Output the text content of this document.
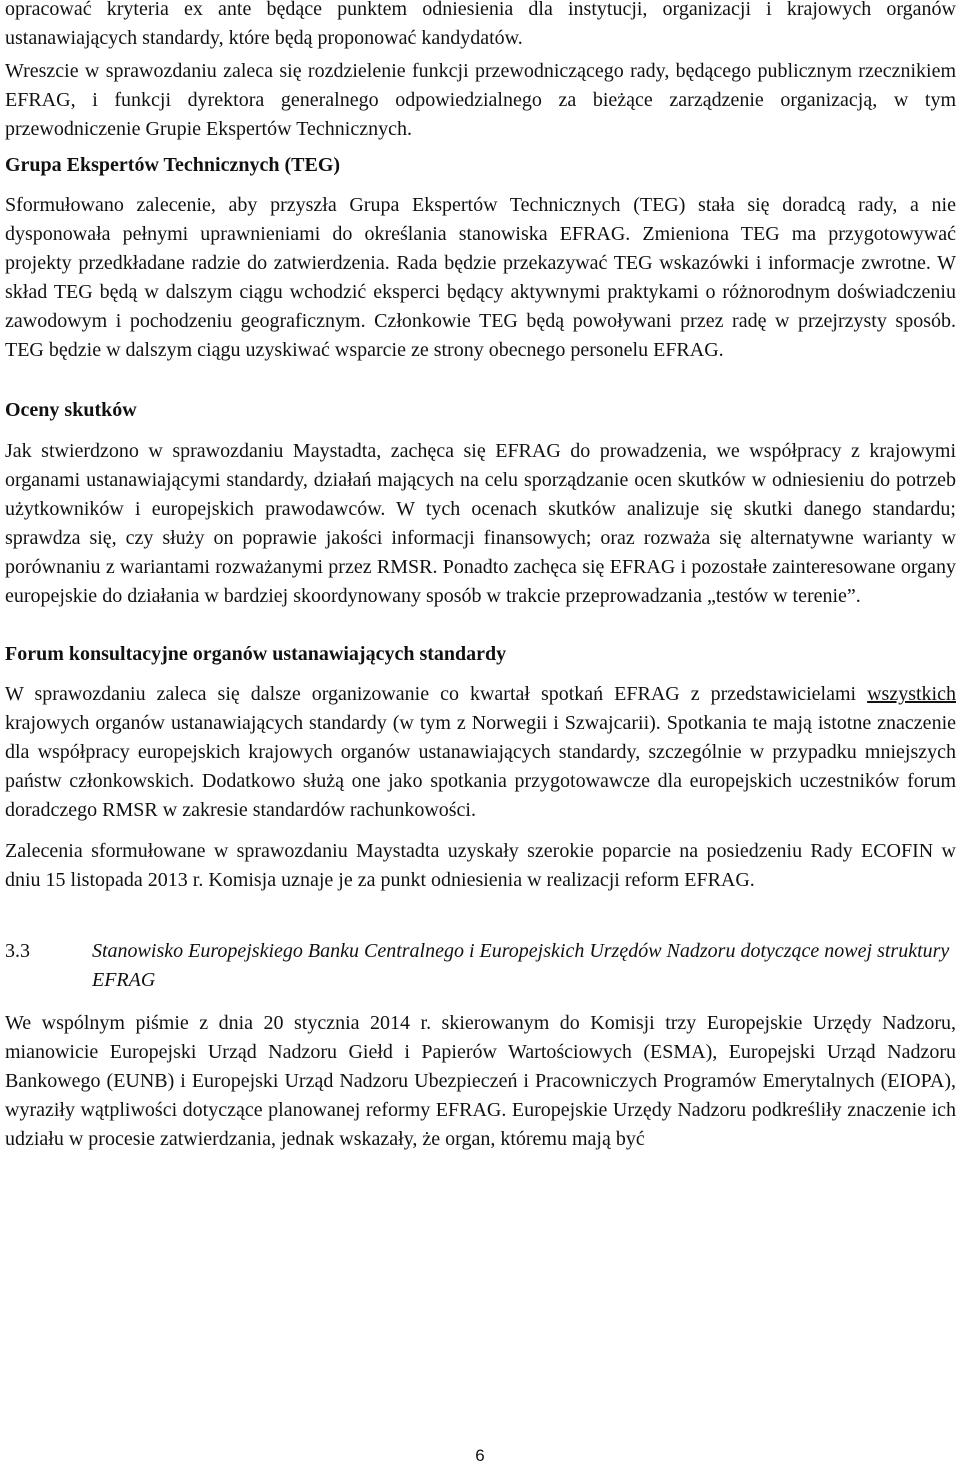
opracować kryteria ex ante będące punktem odniesienia dla instytucji, organizacji i krajowych organów ustanawiających standardy, które będą proponować kandydatów.

Wreszcie w sprawozdaniu zaleca się rozdzielenie funkcji przewodniczącego rady, będącego publicznym rzecznikiem EFRAG, i funkcji dyrektora generalnego odpowiedzialnego za bieżące zarządzenie organizacją, w tym przewodniczenie Grupie Ekspertów Technicznych.

Grupa Ekspertów Technicznych (TEG)

Sformułowano zalecenie, aby przyszła Grupa Ekspertów Technicznych (TEG) stała się doradcą rady, a nie dysponowała pełnymi uprawnieniami do określania stanowiska EFRAG. Zmieniona TEG ma przygotowywać projekty przedkładane radzie do zatwierdzenia. Rada będzie przekazywać TEG wskazówki i informacje zwrotne. W skład TEG będą w dalszym ciągu wchodzić eksperci będący aktywnymi praktykami o różnorodnym doświadczeniu zawodowym i pochodzeniu geograficznym. Członkowie TEG będą powoływani przez radę w przejrzysty sposób. TEG będzie w dalszym ciągu uzyskiwać wsparcie ze strony obecnego personelu EFRAG.

Oceny skutków

Jak stwierdzono w sprawozdaniu Maystadta, zachęca się EFRAG do prowadzenia, we współpracy z krajowymi organami ustanawiającymi standardy, działań mających na celu sporządzanie ocen skutków w odniesieniu do potrzeb użytkowników i europejskich prawodawców. W tych ocenach skutków analizuje się skutki danego standardu; sprawdza się, czy służy on poprawie jakości informacji finansowych; oraz rozważa się alternatywne warianty w porównaniu z wariantami rozważanymi przez RMSR. Ponadto zachęca się EFRAG i pozostałe zainteresowane organy europejskie do działania w bardziej skoordynowany sposób w trakcie przeprowadzania „testów w terenie”.

Forum konsultacyjne organów ustanawiających standardy

W sprawozdaniu zaleca się dalsze organizowanie co kwartał spotkań EFRAG z przedstawicielami wszystkich krajowych organów ustanawiających standardy (w tym z Norwegii i Szwajcarii). Spotkania te mają istotne znaczenie dla współpracy europejskich krajowych organów ustanawiających standardy, szczególnie w przypadku mniejszych państw członkowskich. Dodatkowo służą one jako spotkania przygotowawcze dla europejskich uczestników forum doradczego RMSR w zakresie standardów rachunkowości.

Zalecenia sformułowane w sprawozdaniu Maystadta uzyskały szerokie poparcie na posiedzeniu Rady ECOFIN w dniu 15 listopada 2013 r. Komisja uznaje je za punkt odniesienia w realizacji reform EFRAG.

3.3	Stanowisko Europejskiego Banku Centralnego i Europejskich Urzędów Nadzoru dotyczące nowej struktury EFRAG

We wspólnym piśmie z dnia 20 stycznia 2014 r. skierowanym do Komisji trzy Europejskie Urzędy Nadzoru, mianowicie Europejski Urząd Nadzoru Giełd i Papierów Wartościowych (ESMA), Europejski Urząd Nadzoru Bankowego (EUNB) i Europejski Urząd Nadzoru Ubezpieczeń i Pracowniczych Programów Emerytalnych (EIOPA), wyraziły wątpliwości dotyczące planowanej reformy EFRAG. Europejskie Urzędy Nadzoru podkreśliły znaczenie ich udziału w procesie zatwierdzania, jednak wskazały, że organ, któremu mają być

6
